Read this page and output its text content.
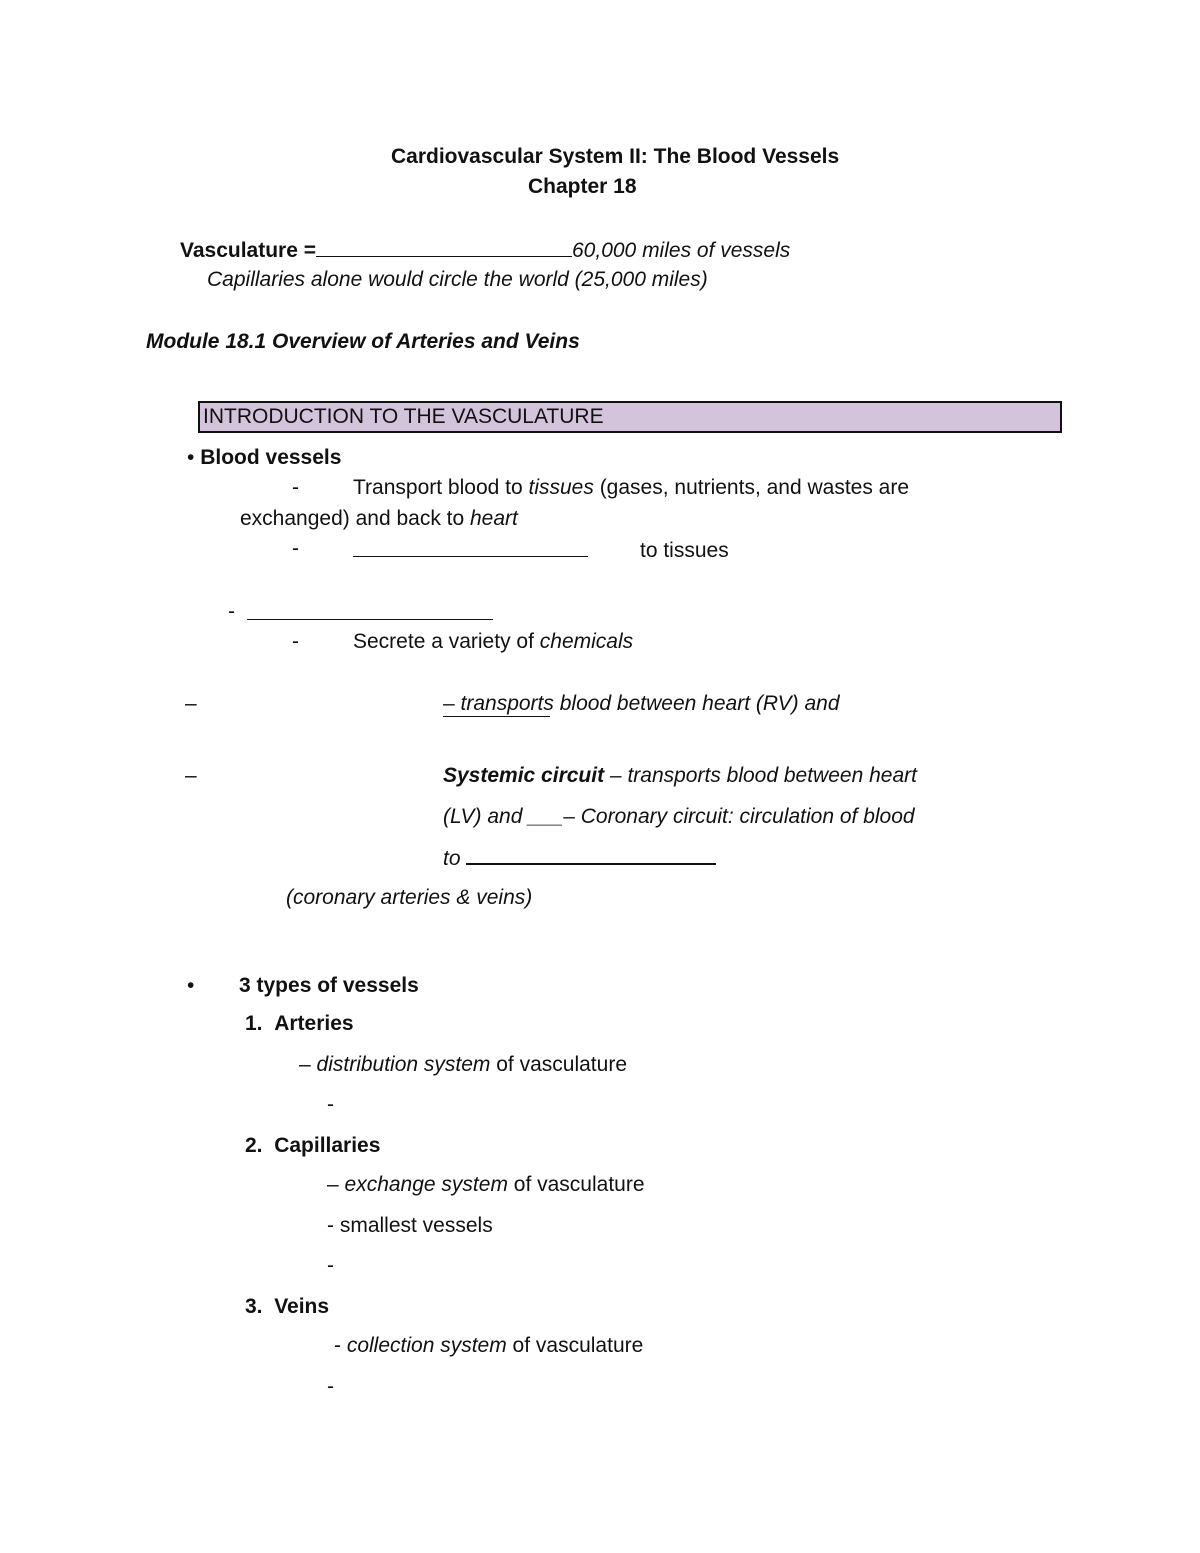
Cardiovascular System II: The Blood Vessels
Chapter 18
Vasculature =	60,000 miles of vessels
Capillaries alone would circle the world (25,000 miles)
Module 18.1 Overview of Arteries and Veins
INTRODUCTION TO THE VASCULATURE
• Blood vessels
-	Transport blood to tissues (gases, nutrients, and wastes are
exchanged) and back to heart
-	to tissues
-
-	Secrete a variety of chemicals
–	– transports blood between heart (RV) and
–	Systemic circuit – transports blood between heart
(LV) and ___– Coronary circuit: circulation of blood
to
(coronary arteries & veins)
• 3 types of vessels
1. Arteries
– distribution system of vasculature
-
2. Capillaries
– exchange system of vasculature
- smallest vessels
-
3. Veins
- collection system of vasculature
-
